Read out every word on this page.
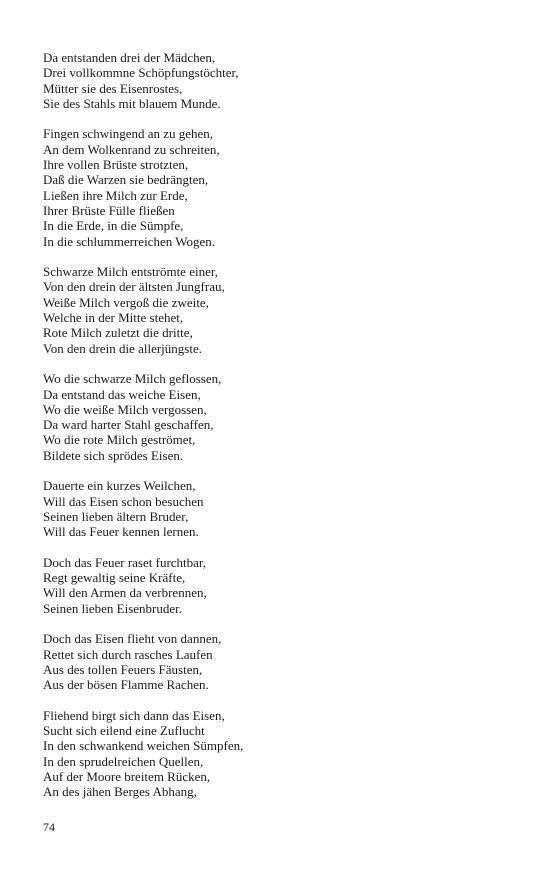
Da entstanden drei der Mädchen,
Drei vollkommne Schöpfungstöchter,
Mütter sie des Eisenrostes,
Sie des Stahls mit blauem Munde.
Fingen schwingend an zu gehen,
An dem Wolkenrand zu schreiten,
Ihre vollen Brüste strotzten,
Daß die Warzen sie bedrängten,
Ließen ihre Milch zur Erde,
Ihrer Brüste Fülle fließen
In die Erde, in die Sümpfe,
In die schlummerreichen Wogen.
Schwarze Milch entströmte einer,
Von den drein der ältsten Jungfrau,
Weiße Milch vergoß die zweite,
Welche in der Mitte stehet,
Rote Milch zuletzt die dritte,
Von den drein die allerjüngste.
Wo die schwarze Milch geflossen,
Da entstand das weiche Eisen,
Wo die weiße Milch vergossen,
Da ward harter Stahl geschaffen,
Wo die rote Milch geströmet,
Bildete sich sprödes Eisen.
Dauerte ein kurzes Weilchen,
Will das Eisen schon besuchen
Seinen lieben ältern Bruder,
Will das Feuer kennen lernen.
Doch das Feuer raset furchtbar,
Regt gewaltig seine Kräfte,
Will den Armen da verbrennen,
Seinen lieben Eisenbruder.
Doch das Eisen flieht von dannen,
Rettet sich durch rasches Laufen
Aus des tollen Feuers Fäusten,
Aus der bösen Flamme Rachen.
Fliehend birgt sich dann das Eisen,
Sucht sich eilend eine Zuflucht
In den schwankend weichen Sümpfen,
In den sprudelreichen Quellen,
Auf der Moore breitem Rücken,
An des jähen Berges Abhang,
74
